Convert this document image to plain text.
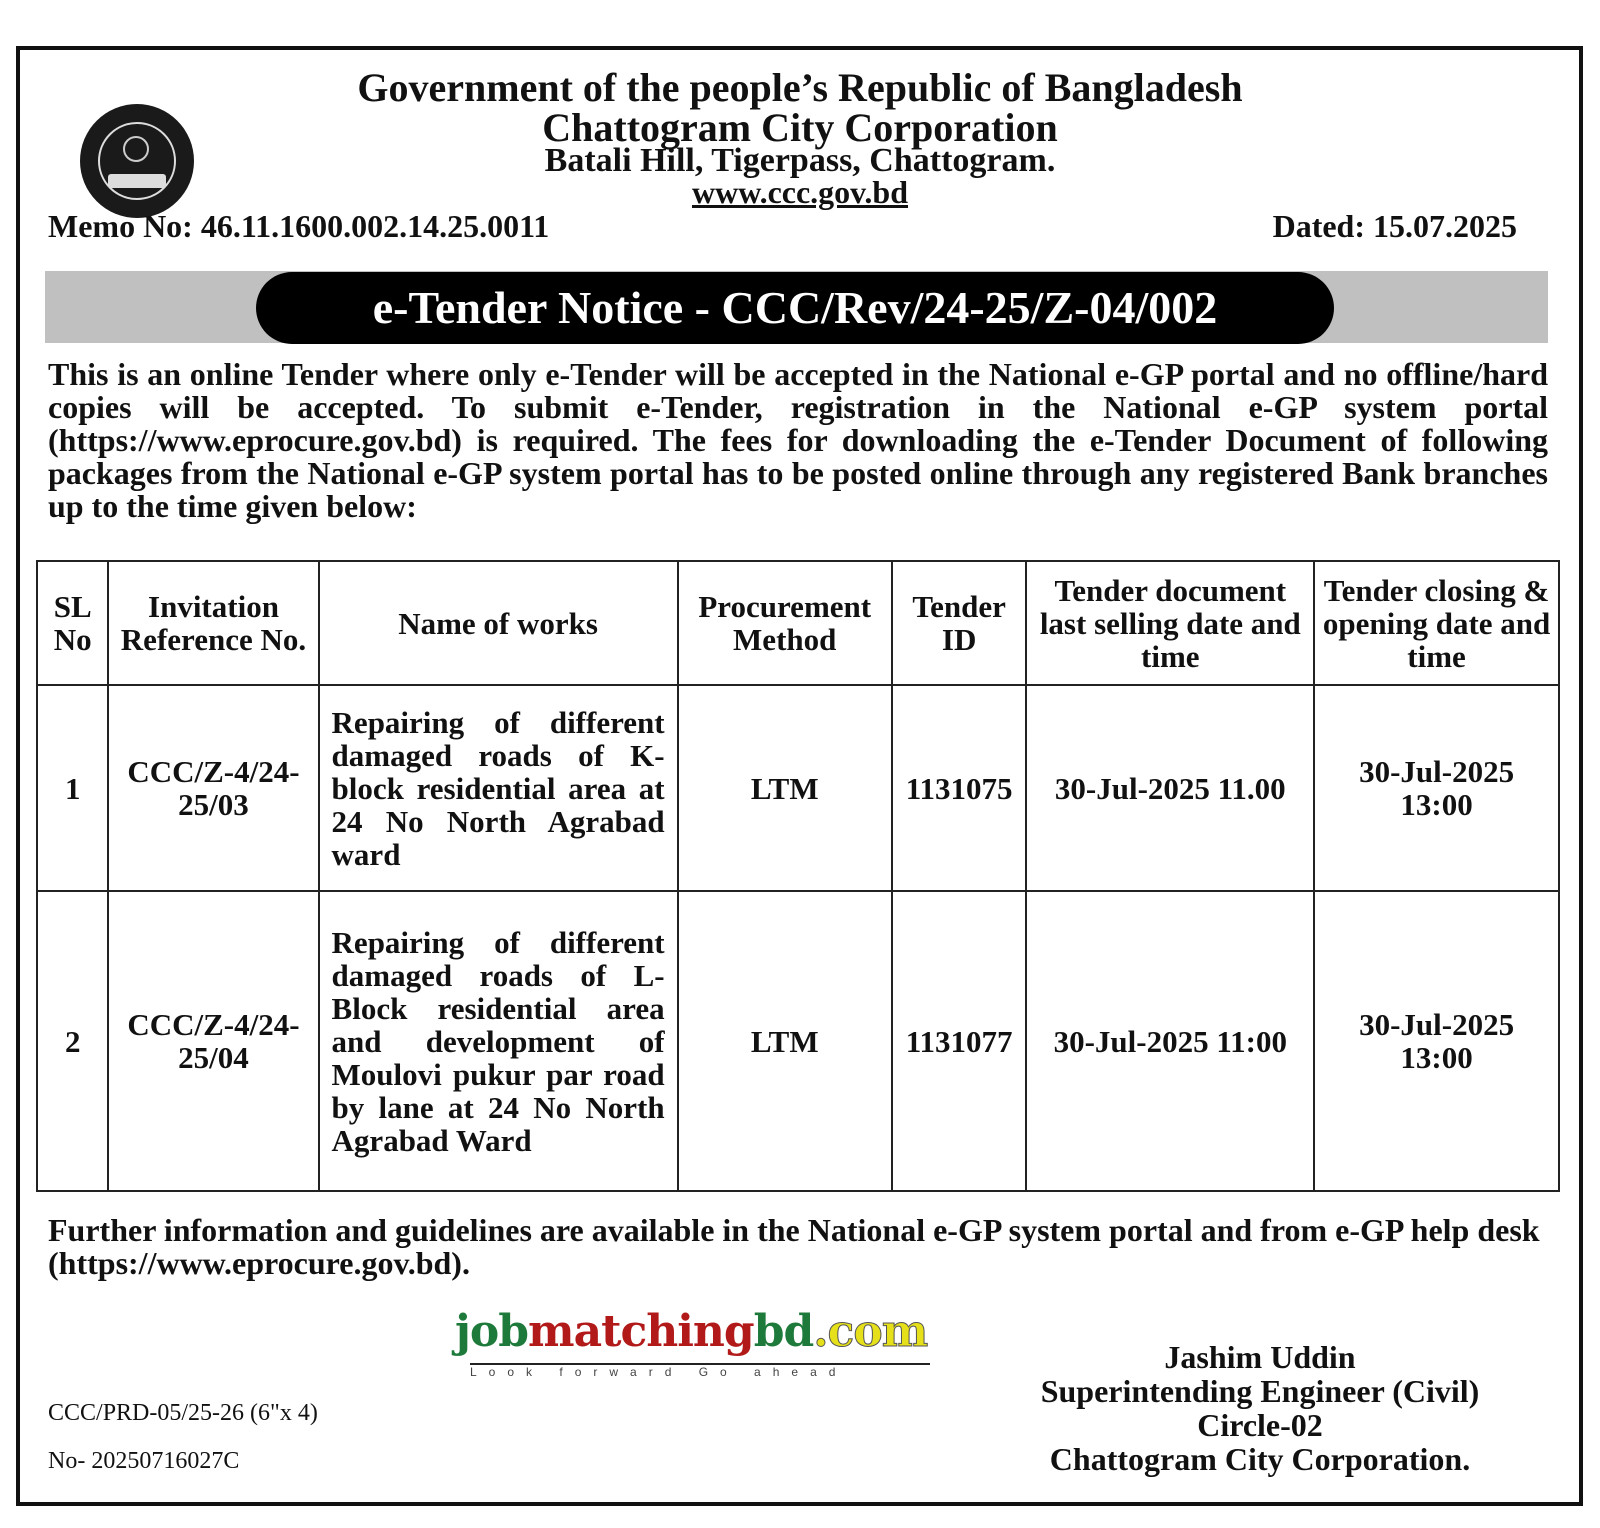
Government of the people’s Republic of Bangladesh
Chattogram City Corporation
Batali Hill, Tigerpass, Chattogram.
www.ccc.gov.bd
Memo No: 46.11.1600.002.14.25.0011	Dated: 15.07.2025
e-Tender Notice - CCC/Rev/24-25/Z-04/002
This is an online Tender where only e-Tender will be accepted in the National e-GP portal and no offline/hard copies will be accepted. To submit e-Tender, registration in the National e-GP system portal (https://www.eprocure.gov.bd) is required. The fees for downloading the e-Tender Document of following packages from the National e-GP system portal has to be posted online through any registered Bank branches up to the time given below:
SL No	Invitation Reference No.	Name of works	Procurement Method	Tender ID	Tender document last selling date and time	Tender closing & opening date and time
1	CCC/Z-4/24-25/03	Repairing of different damaged roads of K-block residential area at 24 No North Agrabad ward	LTM	1131075	30-Jul-2025 11.00	30-Jul-2025 13:00
2	CCC/Z-4/24-25/04	Repairing of different damaged roads of L-Block residential area and development of Moulovi pukur par road by lane at 24 No North Agrabad Ward	LTM	1131077	30-Jul-2025 11:00	30-Jul-2025 13:00
Further information and guidelines are available in the National e-GP system portal and from e-GP help desk (https://www.eprocure.gov.bd).
jobmatchingbd.com
Look forward Go ahead
CCC/PRD-05/25-26 (6"x 4)
No- 20250716027C
Jashim Uddin
Superintending Engineer (Civil)
Circle-02
Chattogram City Corporation.
